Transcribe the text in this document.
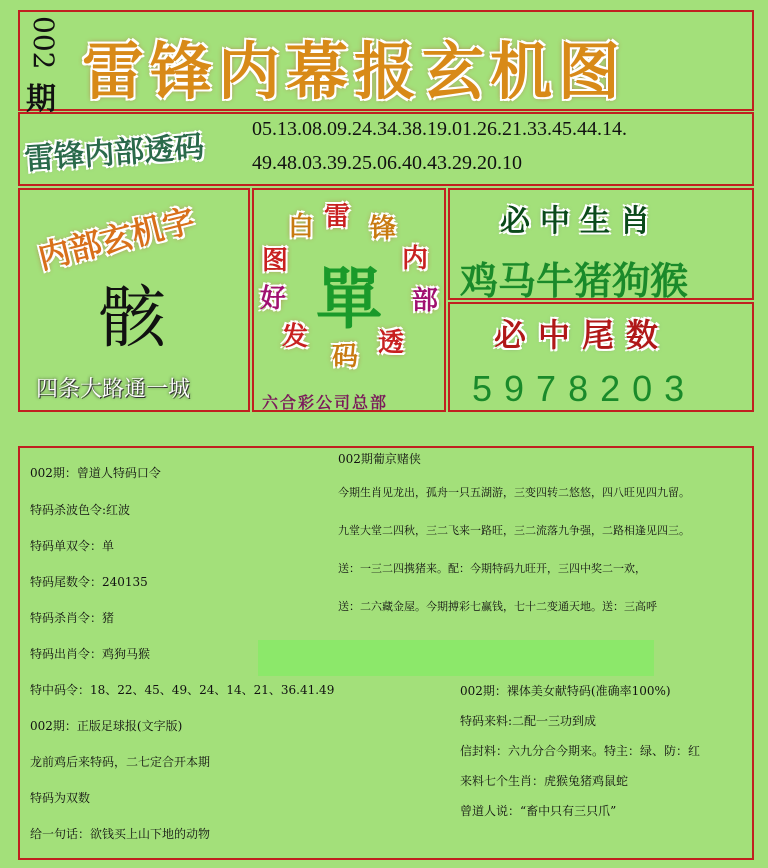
002
期 雷锋内幕报玄机图
雷锋内部透码
05.13.08.09.24.34.38.19.01.26.21.33.45.44.14.
49.48.03.39.25.06.40.43.29.20.10
内部玄机字
骸
四条大路通一城
雷 锋
内
部
透
码
发
好
图
白
單
六合彩公司总部
必中生肖
鸡马牛猪狗猴
必中尾数
5978203
002期：曾道人特码口令
特码杀波色令:红波
特码单双令：单
特码尾数令：240135
特码杀肖令：猪
特码出肖令：鸡狗马猴
特中码令：18、22、45、49、24、14、21、36.41.49
002期：正版足球报(文字版)
龙前鸡后来特码，二七定合开本期
特码为双数
给一句话：欲钱买上山下地的动物
002期葡京赌侠
今期生肖见龙出，孤舟一只五湖游，三变四转二悠悠，四八旺见四九留。
九堂大堂二四秋，三二飞来一路旺，三二流落九争强，二路相逢见四三。
送：一三二四携猪来。配：今期特码九旺开，三四中奖二一欢，
送：二六藏金屋。今期搏彩七赢钱，七十二变通天地。送：三高呼
002期：裸体美女献特码(准确率100%)
特码来料:二配一三功到成
信封料：六九分合今期来。特主：绿、防：红
来料七个生肖：虎猴兔猪鸡鼠蛇
曾道人说：“畜中只有三只爪”
